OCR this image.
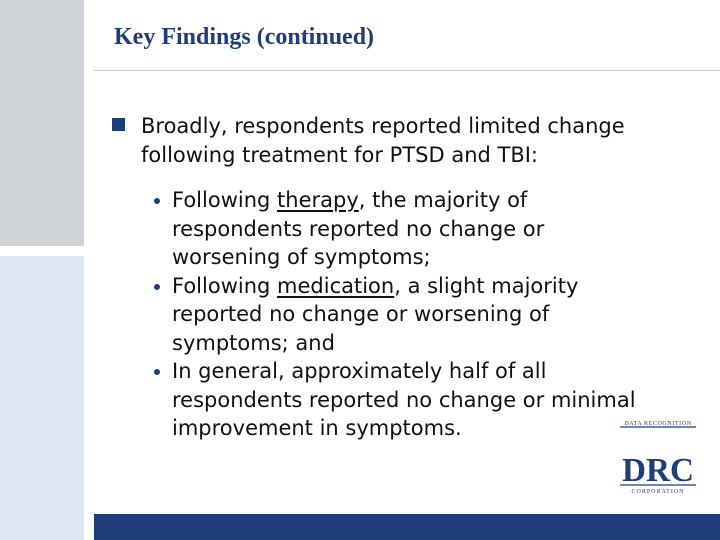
Key Findings (continued)
Broadly, respondents reported limited change following treatment for PTSD and TBI:
Following therapy, the majority of respondents reported no change or worsening of symptoms;
Following medication, a slight majority reported no change or worsening of symptoms; and
In general, approximately half of all respondents reported no change or minimal improvement in symptoms.	DATA RECOGNITION
DRC
CORPORATION
